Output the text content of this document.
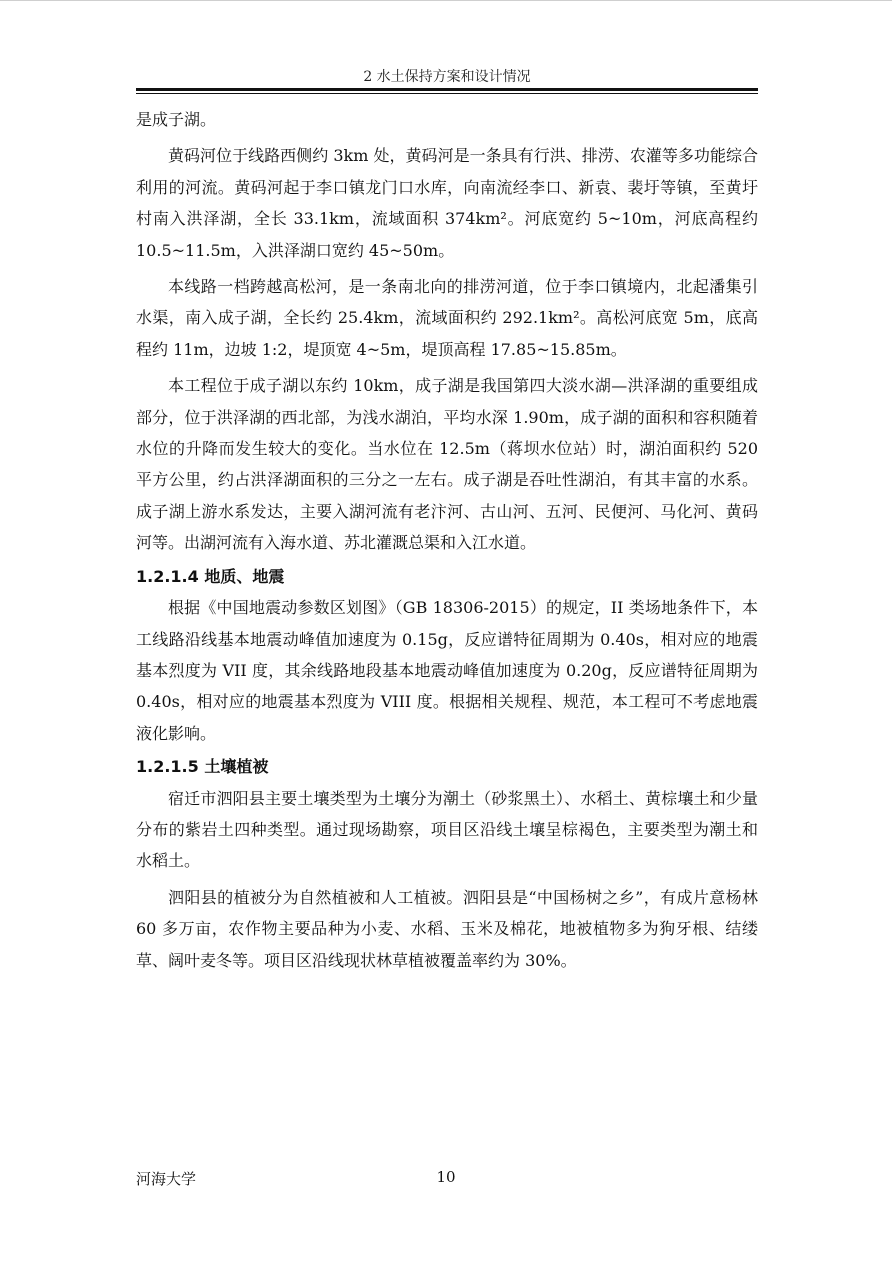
2 水土保持方案和设计情况

是成子湖。

黄码河位于线路西侧约 3km 处，黄码河是一条具有行洪、排涝、农灌等多功能综合利用的河流。黄码河起于李口镇龙门口水库，向南流经李口、新袁、裴圩等镇，至黄圩村南入洪泽湖，全长 33.1km，流域面积 374km²。河底宽约 5~10m，河底高程约 10.5~11.5m，入洪泽湖口宽约 45~50m。

本线路一档跨越高松河，是一条南北向的排涝河道，位于李口镇境内，北起潘集引水渠，南入成子湖，全长约 25.4km，流域面积约 292.1km²。高松河底宽 5m，底高程约 11m，边坡 1:2，堤顶宽 4~5m，堤顶高程 17.85~15.85m。

本工程位于成子湖以东约 10km，成子湖是我国第四大淡水湖—洪泽湖的重要组成部分，位于洪泽湖的西北部，为浅水湖泊，平均水深 1.90m，成子湖的面积和容积随着水位的升降而发生较大的变化。当水位在 12.5m（蒋坝水位站）时，湖泊面积约 520 平方公里，约占洪泽湖面积的三分之一左右。成子湖是吞吐性湖泊，有其丰富的水系。成子湖上游水系发达，主要入湖河流有老汴河、古山河、五河、民便河、马化河、黄码河等。出湖河流有入海水道、苏北灌溉总渠和入江水道。

1.2.1.4 地质、地震

根据《中国地震动参数区划图》（GB 18306-2015）的规定，II 类场地条件下，本工线路沿线基本地震动峰值加速度为 0.15g，反应谱特征周期为 0.40s，相对应的地震基本烈度为 VII 度，其余线路地段基本地震动峰值加速度为 0.20g，反应谱特征周期为 0.40s，相对应的地震基本烈度为 VIII 度。根据相关规程、规范，本工程可不考虑地震液化影响。

1.2.1.5 土壤植被

宿迁市泗阳县主要土壤类型为土壤分为潮土（砂浆黑土）、水稻土、黄棕壤土和少量分布的紫岩土四种类型。通过现场勘察，项目区沿线土壤呈棕褐色，主要类型为潮土和水稻土。

泗阳县的植被分为自然植被和人工植被。泗阳县是“中国杨树之乡”，有成片意杨林 60 多万亩，农作物主要品种为小麦、水稻、玉米及棉花，地被植物多为狗牙根、结缕草、阔叶麦冬等。项目区沿线现状林草植被覆盖率约为 30%。

河海大学	10
